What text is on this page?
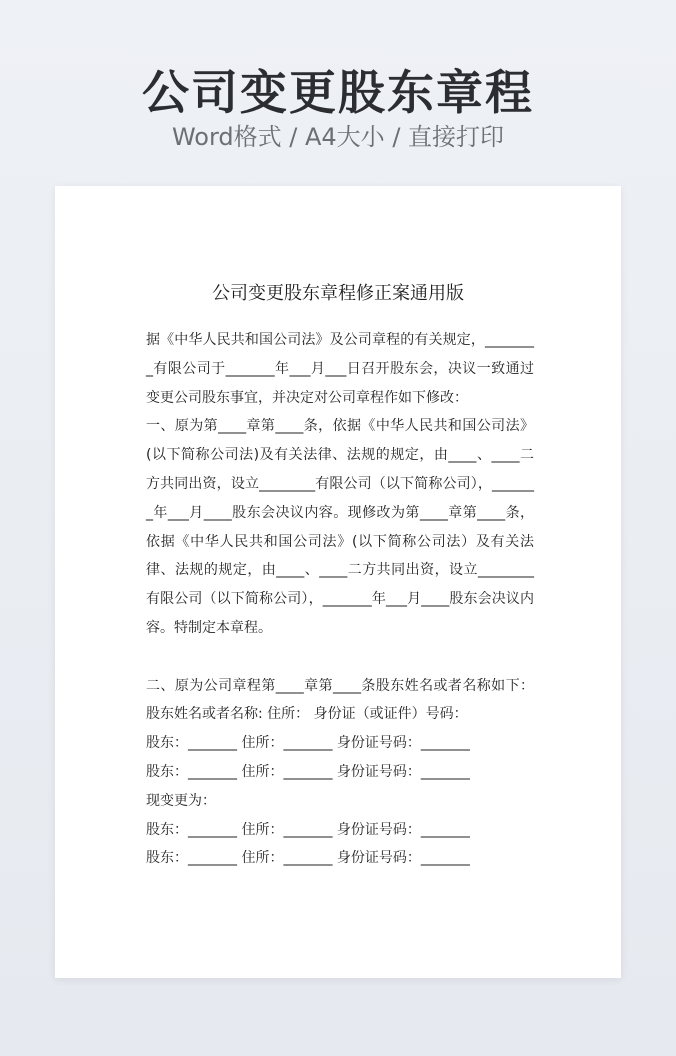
公司变更股东章程
Word格式 / A4大小 / 直接打印
公司变更股东章程修正案通用版

据《中华人民共和国公司法》及公司章程的有关规定，________有限公司于_______年___月___日召开股东会，决议一致通过变更公司股东事宜，并决定对公司章程作如下修改：

一、原为第____章第____条，依据《中华人民共和国公司法》(以下简称公司法)及有关法律、法规的规定，由____、____二方共同出资，设立________有限公司（以下简称公司），_______年___月____股东会决议内容。现修改为第____章第____条，依据《中华人民共和国公司法》(以下简称公司法）及有关法律、法规的规定，由____、____二方共同出资，设立________有限公司（以下简称公司），_______年___月____股东会决议内容。特制定本章程。

二、原为公司章程第____章第____条股东姓名或者名称如下：股东姓名或者名称: 住所： 身份证（或证件）号码：

股东：_______ 住所：_______ 身份证号码：_______
股东：_______ 住所：_______ 身份证号码：_______
现变更为：
股东：_______ 住所：_______ 身份证号码：_______
股东：_______ 住所：_______ 身份证号码：_______
